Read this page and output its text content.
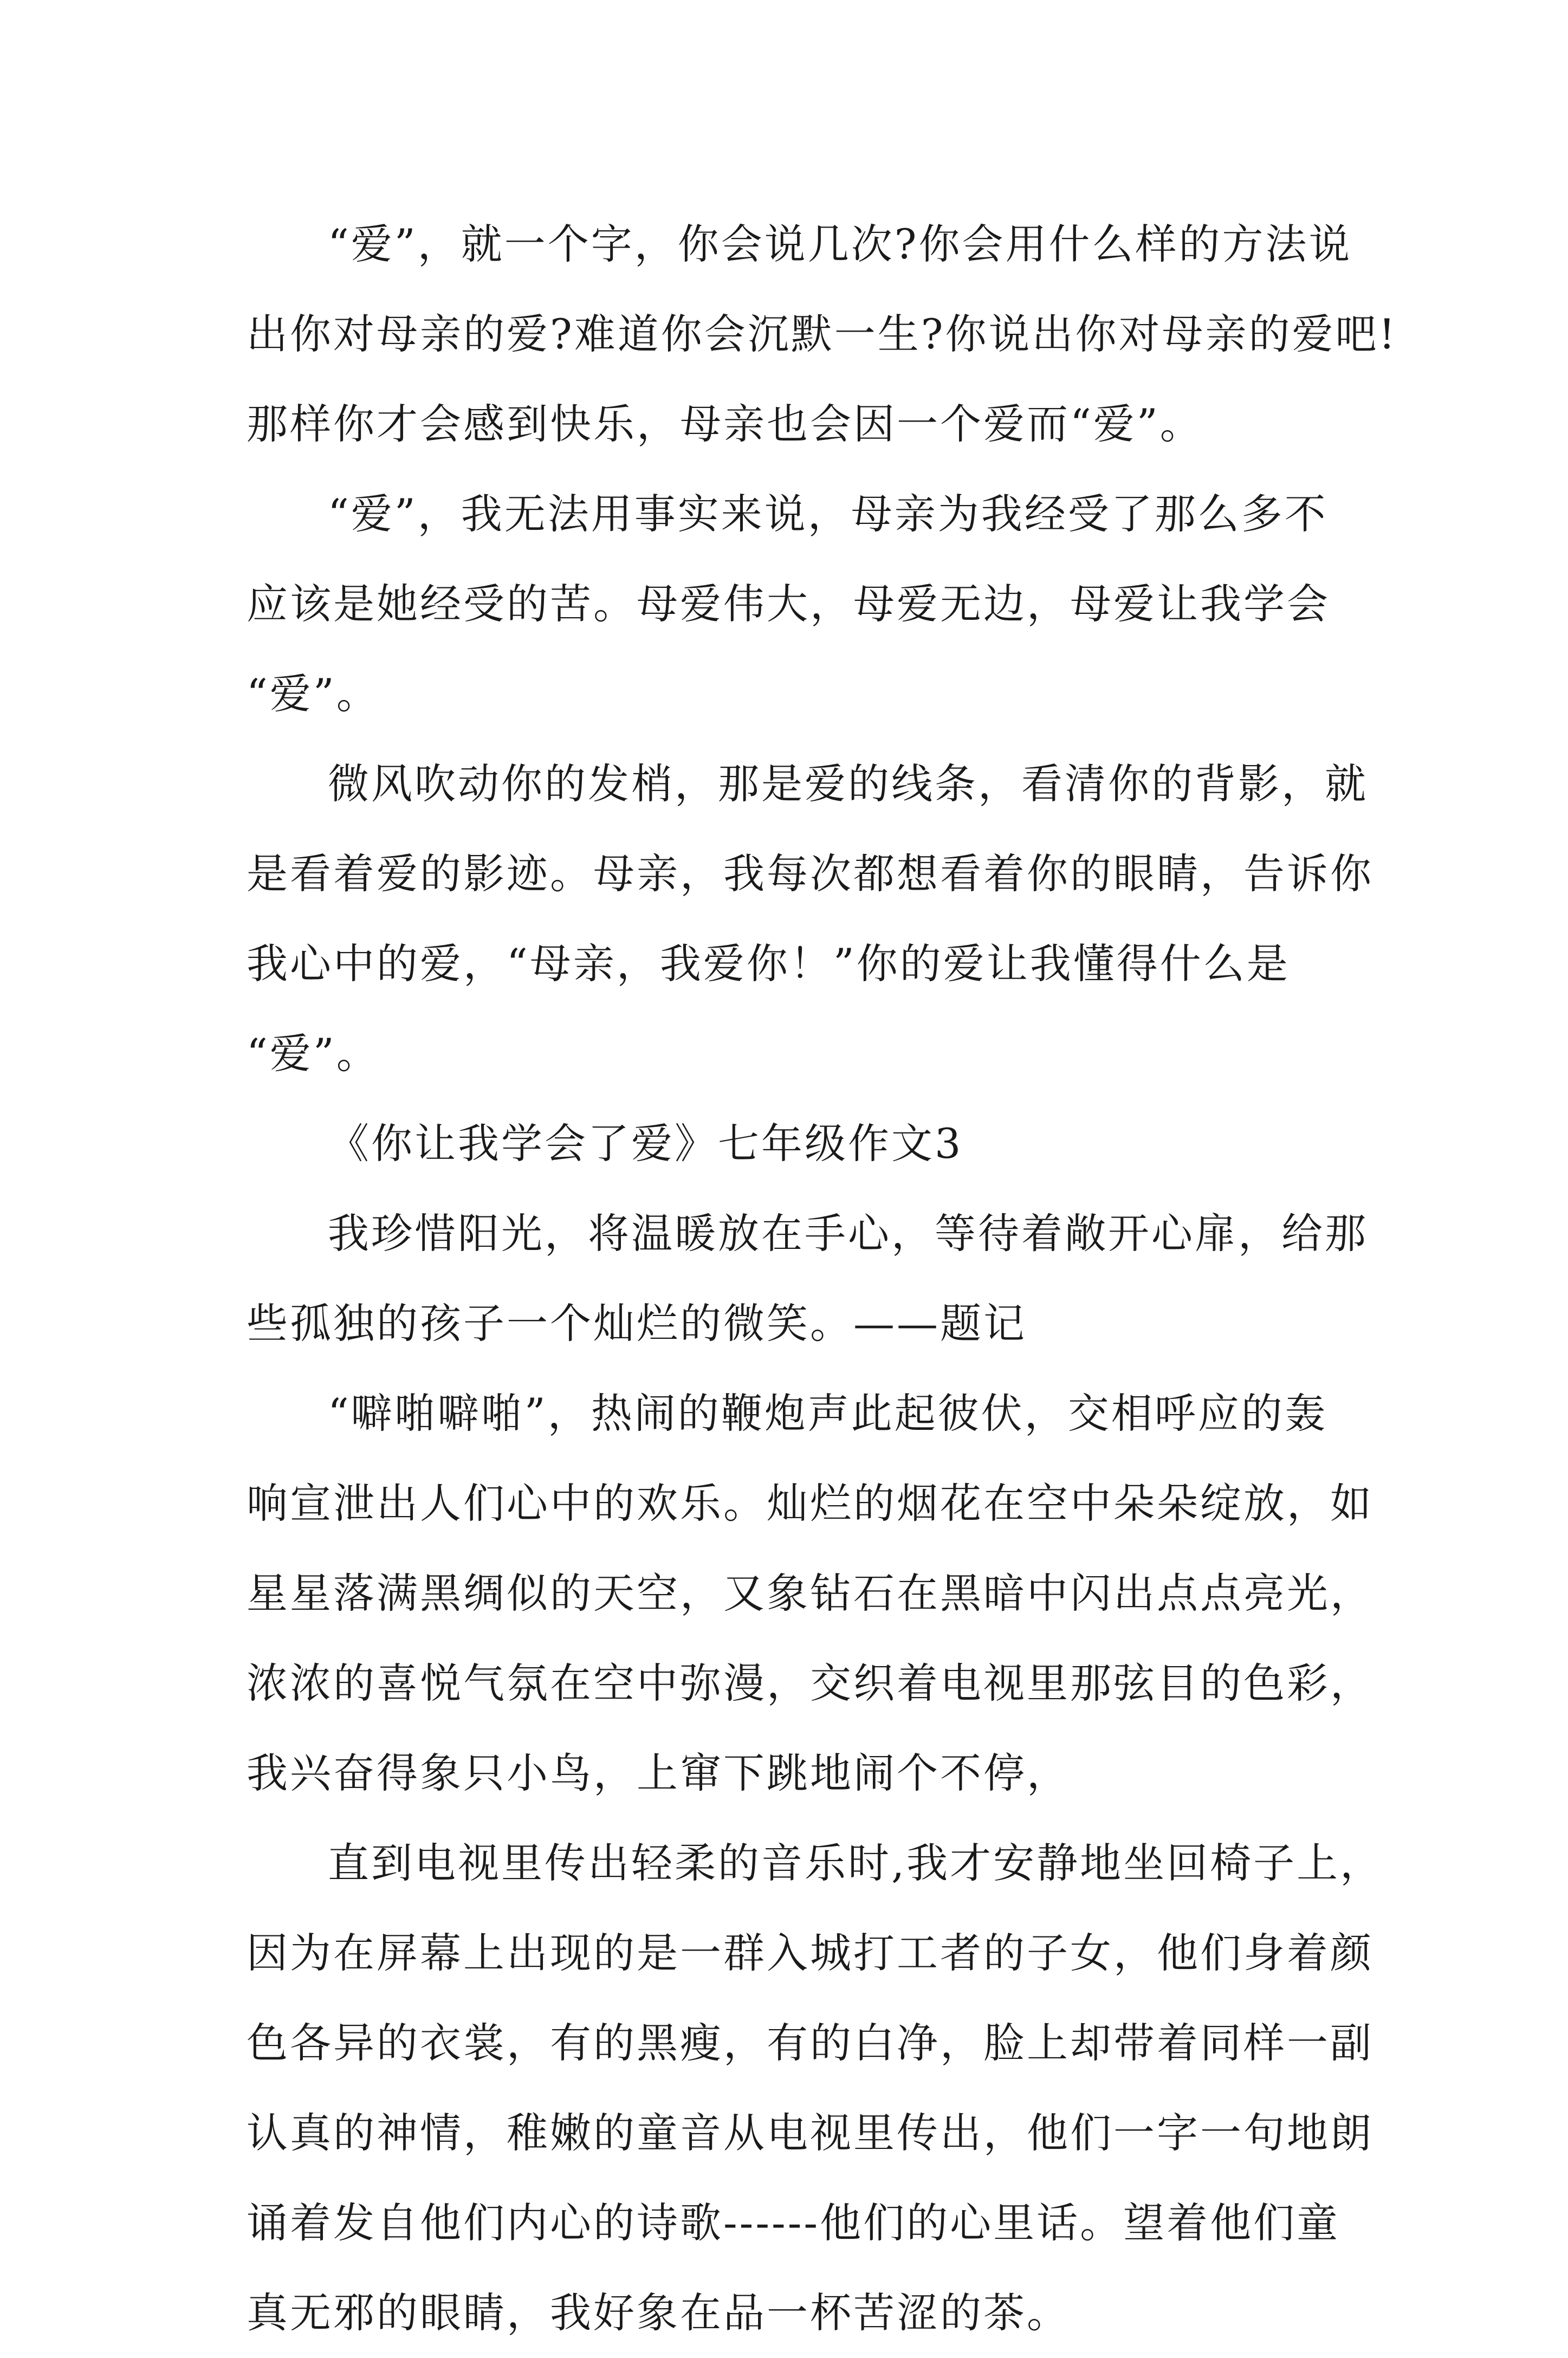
“爱”，就一个字，你会说几次?你会用什么样的方法说
出你对母亲的爱?难道你会沉默一生?你说出你对母亲的爱吧!
那样你才会感到快乐，母亲也会因一个爱而“爱”。
“爱”，我无法用事实来说，母亲为我经受了那么多不
应该是她经受的苦。母爱伟大，母爱无边，母爱让我学会
“爱”。
微风吹动你的发梢，那是爱的线条，看清你的背影，就
是看着爱的影迹。母亲，我每次都想看着你的眼睛，告诉你
我心中的爱，“母亲，我爱你！”你的爱让我懂得什么是
“爱”。
《你让我学会了爱》七年级作文3
我珍惜阳光，将温暖放在手心，等待着敞开心扉，给那
些孤独的孩子一个灿烂的微笑。——题记
“噼啪噼啪”，热闹的鞭炮声此起彼伏，交相呼应的轰
响宣泄出人们心中的欢乐。灿烂的烟花在空中朵朵绽放，如
星星落满黑绸似的天空，又象钻石在黑暗中闪出点点亮光，
浓浓的喜悦气氛在空中弥漫，交织着电视里那弦目的色彩，
我兴奋得象只小鸟，上窜下跳地闹个不停，
直到电视里传出轻柔的音乐时,我才安静地坐回椅子上，
因为在屏幕上出现的是一群入城打工者的子女，他们身着颜
色各异的衣裳，有的黑瘦，有的白净，脸上却带着同样一副
认真的神情，稚嫩的童音从电视里传出，他们一字一句地朗
诵着发自他们内心的诗歌------他们的心里话。望着他们童
真无邪的眼睛，我好象在品一杯苦涩的茶。
